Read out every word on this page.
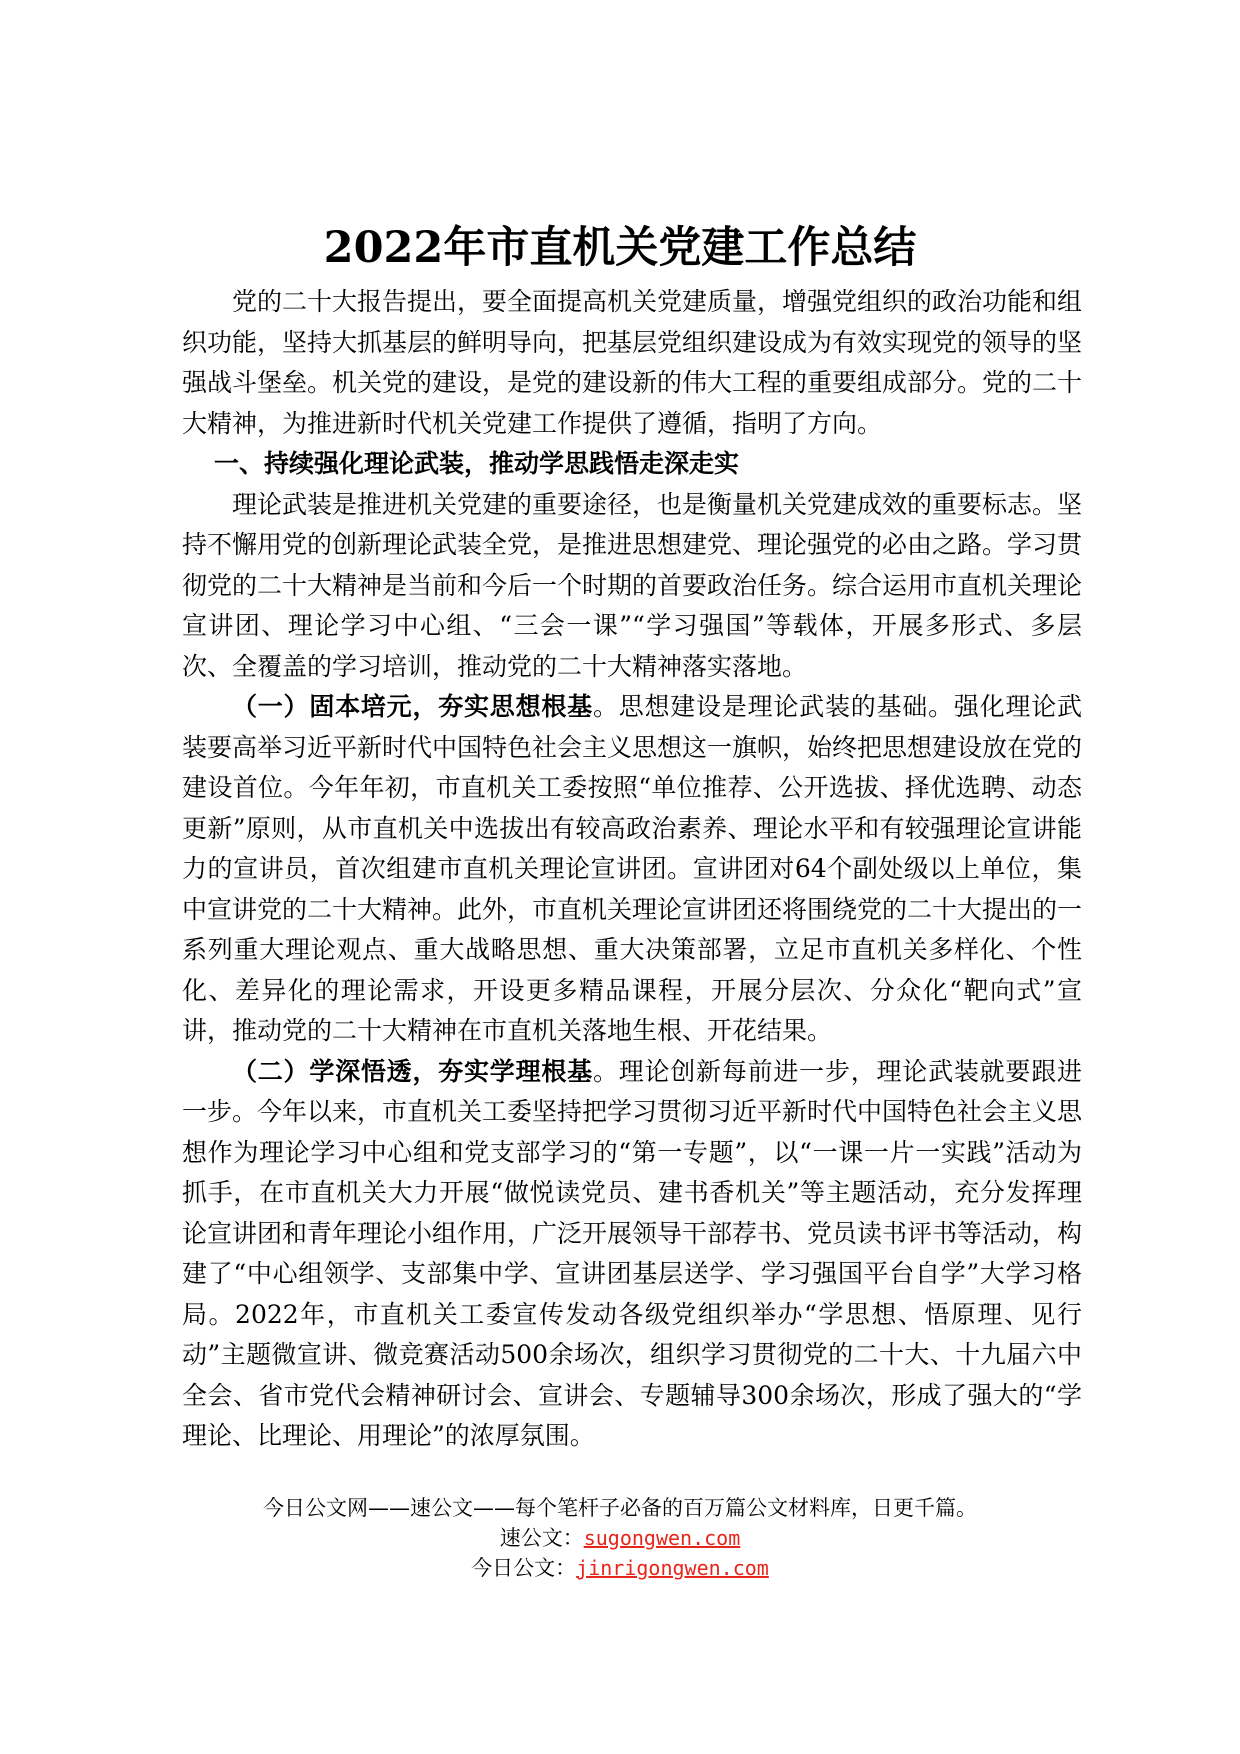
2022年市直机关党建工作总结

党的二十大报告提出，要全面提高机关党建质量，增强党组织的政治功能和组织功能，坚持大抓基层的鲜明导向，把基层党组织建设成为有效实现党的领导的坚强战斗堡垒。机关党的建设，是党的建设新的伟大工程的重要组成部分。党的二十大精神，为推进新时代机关党建工作提供了遵循，指明了方向。

一、持续强化理论武装，推动学思践悟走深走实

理论武装是推进机关党建的重要途径，也是衡量机关党建成效的重要标志。坚持不懈用党的创新理论武装全党，是推进思想建党、理论强党的必由之路。学习贯彻党的二十大精神是当前和今后一个时期的首要政治任务。综合运用市直机关理论宣讲团、理论学习中心组、“三会一课”“学习强国”等载体，开展多形式、多层次、全覆盖的学习培训，推动党的二十大精神落实落地。

（一）固本培元，夯实思想根基。思想建设是理论武装的基础。强化理论武装要高举习近平新时代中国特色社会主义思想这一旗帜，始终把思想建设放在党的建设首位。今年年初，市直机关工委按照“单位推荐、公开选拔、择优选聘、动态更新”原则，从市直机关中选拔出有较高政治素养、理论水平和有较强理论宣讲能力的宣讲员，首次组建市直机关理论宣讲团。宣讲团对64个副处级以上单位，集中宣讲党的二十大精神。此外，市直机关理论宣讲团还将围绕党的二十大提出的一系列重大理论观点、重大战略思想、重大决策部署，立足市直机关多样化、个性化、差异化的理论需求，开设更多精品课程，开展分层次、分众化“靶向式”宣讲，推动党的二十大精神在市直机关落地生根、开花结果。

（二）学深悟透，夯实学理根基。理论创新每前进一步，理论武装就要跟进一步。今年以来，市直机关工委坚持把学习贯彻习近平新时代中国特色社会主义思想作为理论学习中心组和党支部学习的“第一专题”，以“一课一片一实践”活动为抓手，在市直机关大力开展“做悦读党员、建书香机关”等主题活动，充分发挥理论宣讲团和青年理论小组作用，广泛开展领导干部荐书、党员读书评书等活动，构建了“中心组领学、支部集中学、宣讲团基层送学、学习强国平台自学”大学习格局。2022年，市直机关工委宣传发动各级党组织举办“学思想、悟原理、见行动”主题微宣讲、微竞赛活动500余场次，组织学习贯彻党的二十大、十九届六中全会、省市党代会精神研讨会、宣讲会、专题辅导300余场次，形成了强大的“学理论、比理论、用理论”的浓厚氛围。

今日公文网——速公文——每个笔杆子必备的百万篇公文材料库，日更千篇。

速公文：sugongwen.com

今日公文：jinrigongwen.com
